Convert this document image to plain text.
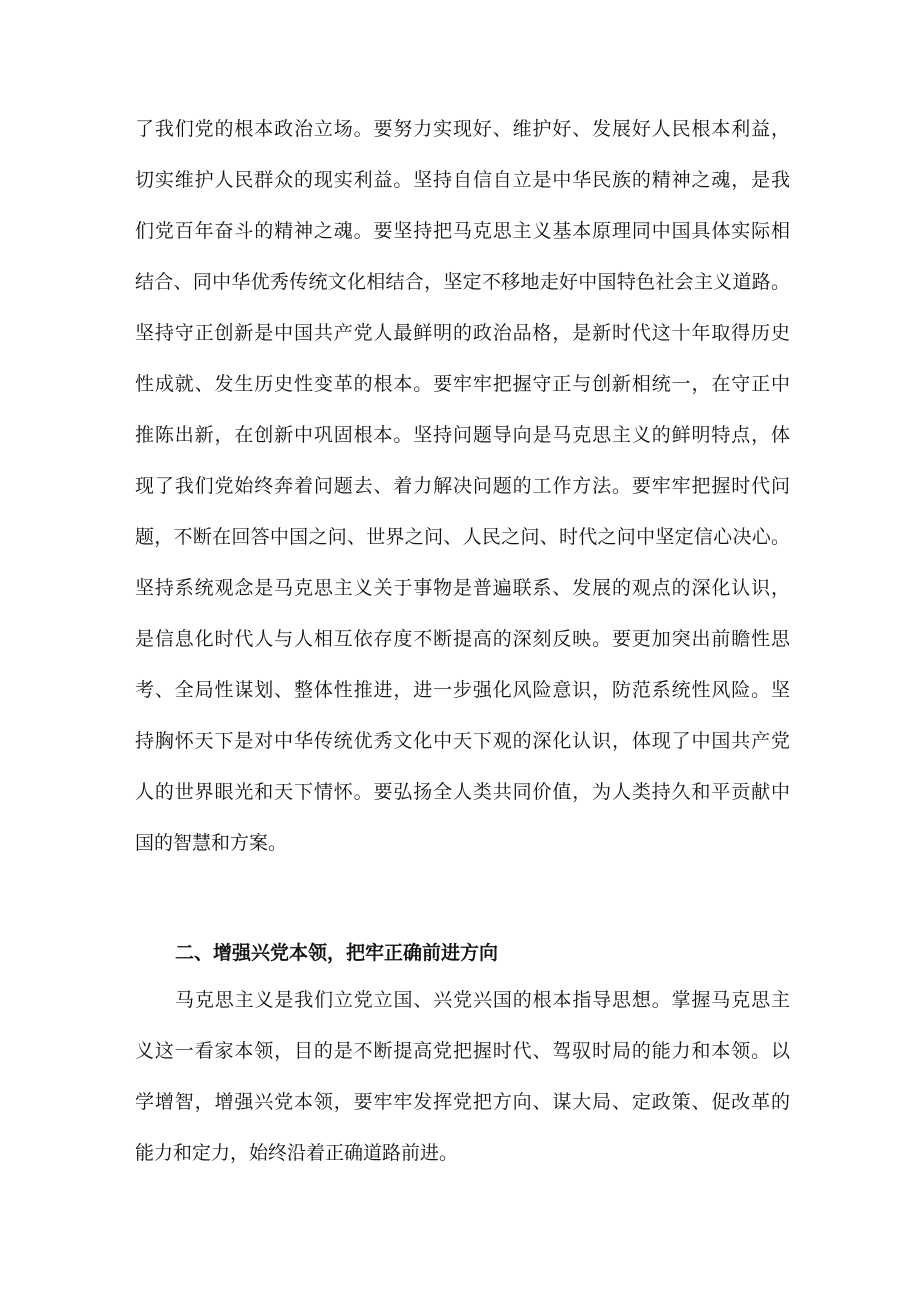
了我们党的根本政治立场。要努力实现好、维护好、发展好人民根本利益，
切实维护人民群众的现实利益。坚持自信自立是中华民族的精神之魂，是我
们党百年奋斗的精神之魂。要坚持把马克思主义基本原理同中国具体实际相
结合、同中华优秀传统文化相结合，坚定不移地走好中国特色社会主义道路。
坚持守正创新是中国共产党人最鲜明的政治品格，是新时代这十年取得历史
性成就、发生历史性变革的根本。要牢牢把握守正与创新相统一，在守正中
推陈出新，在创新中巩固根本。坚持问题导向是马克思主义的鲜明特点，体
现了我们党始终奔着问题去、着力解决问题的工作方法。要牢牢把握时代问
题，不断在回答中国之问、世界之问、人民之问、时代之问中坚定信心决心。
坚持系统观念是马克思主义关于事物是普遍联系、发展的观点的深化认识，
是信息化时代人与人相互依存度不断提高的深刻反映。要更加突出前瞻性思
考、全局性谋划、整体性推进，进一步强化风险意识，防范系统性风险。坚
持胸怀天下是对中华传统优秀文化中天下观的深化认识，体现了中国共产党
人的世界眼光和天下情怀。要弘扬全人类共同价值，为人类持久和平贡献中
国的智慧和方案。
二、增强兴党本领，把牢正确前进方向
马克思主义是我们立党立国、兴党兴国的根本指导思想。掌握马克思主
义这一看家本领，目的是不断提高党把握时代、驾驭时局的能力和本领。以
学增智，增强兴党本领，要牢牢发挥党把方向、谋大局、定政策、促改革的
能力和定力，始终沿着正确道路前进。
